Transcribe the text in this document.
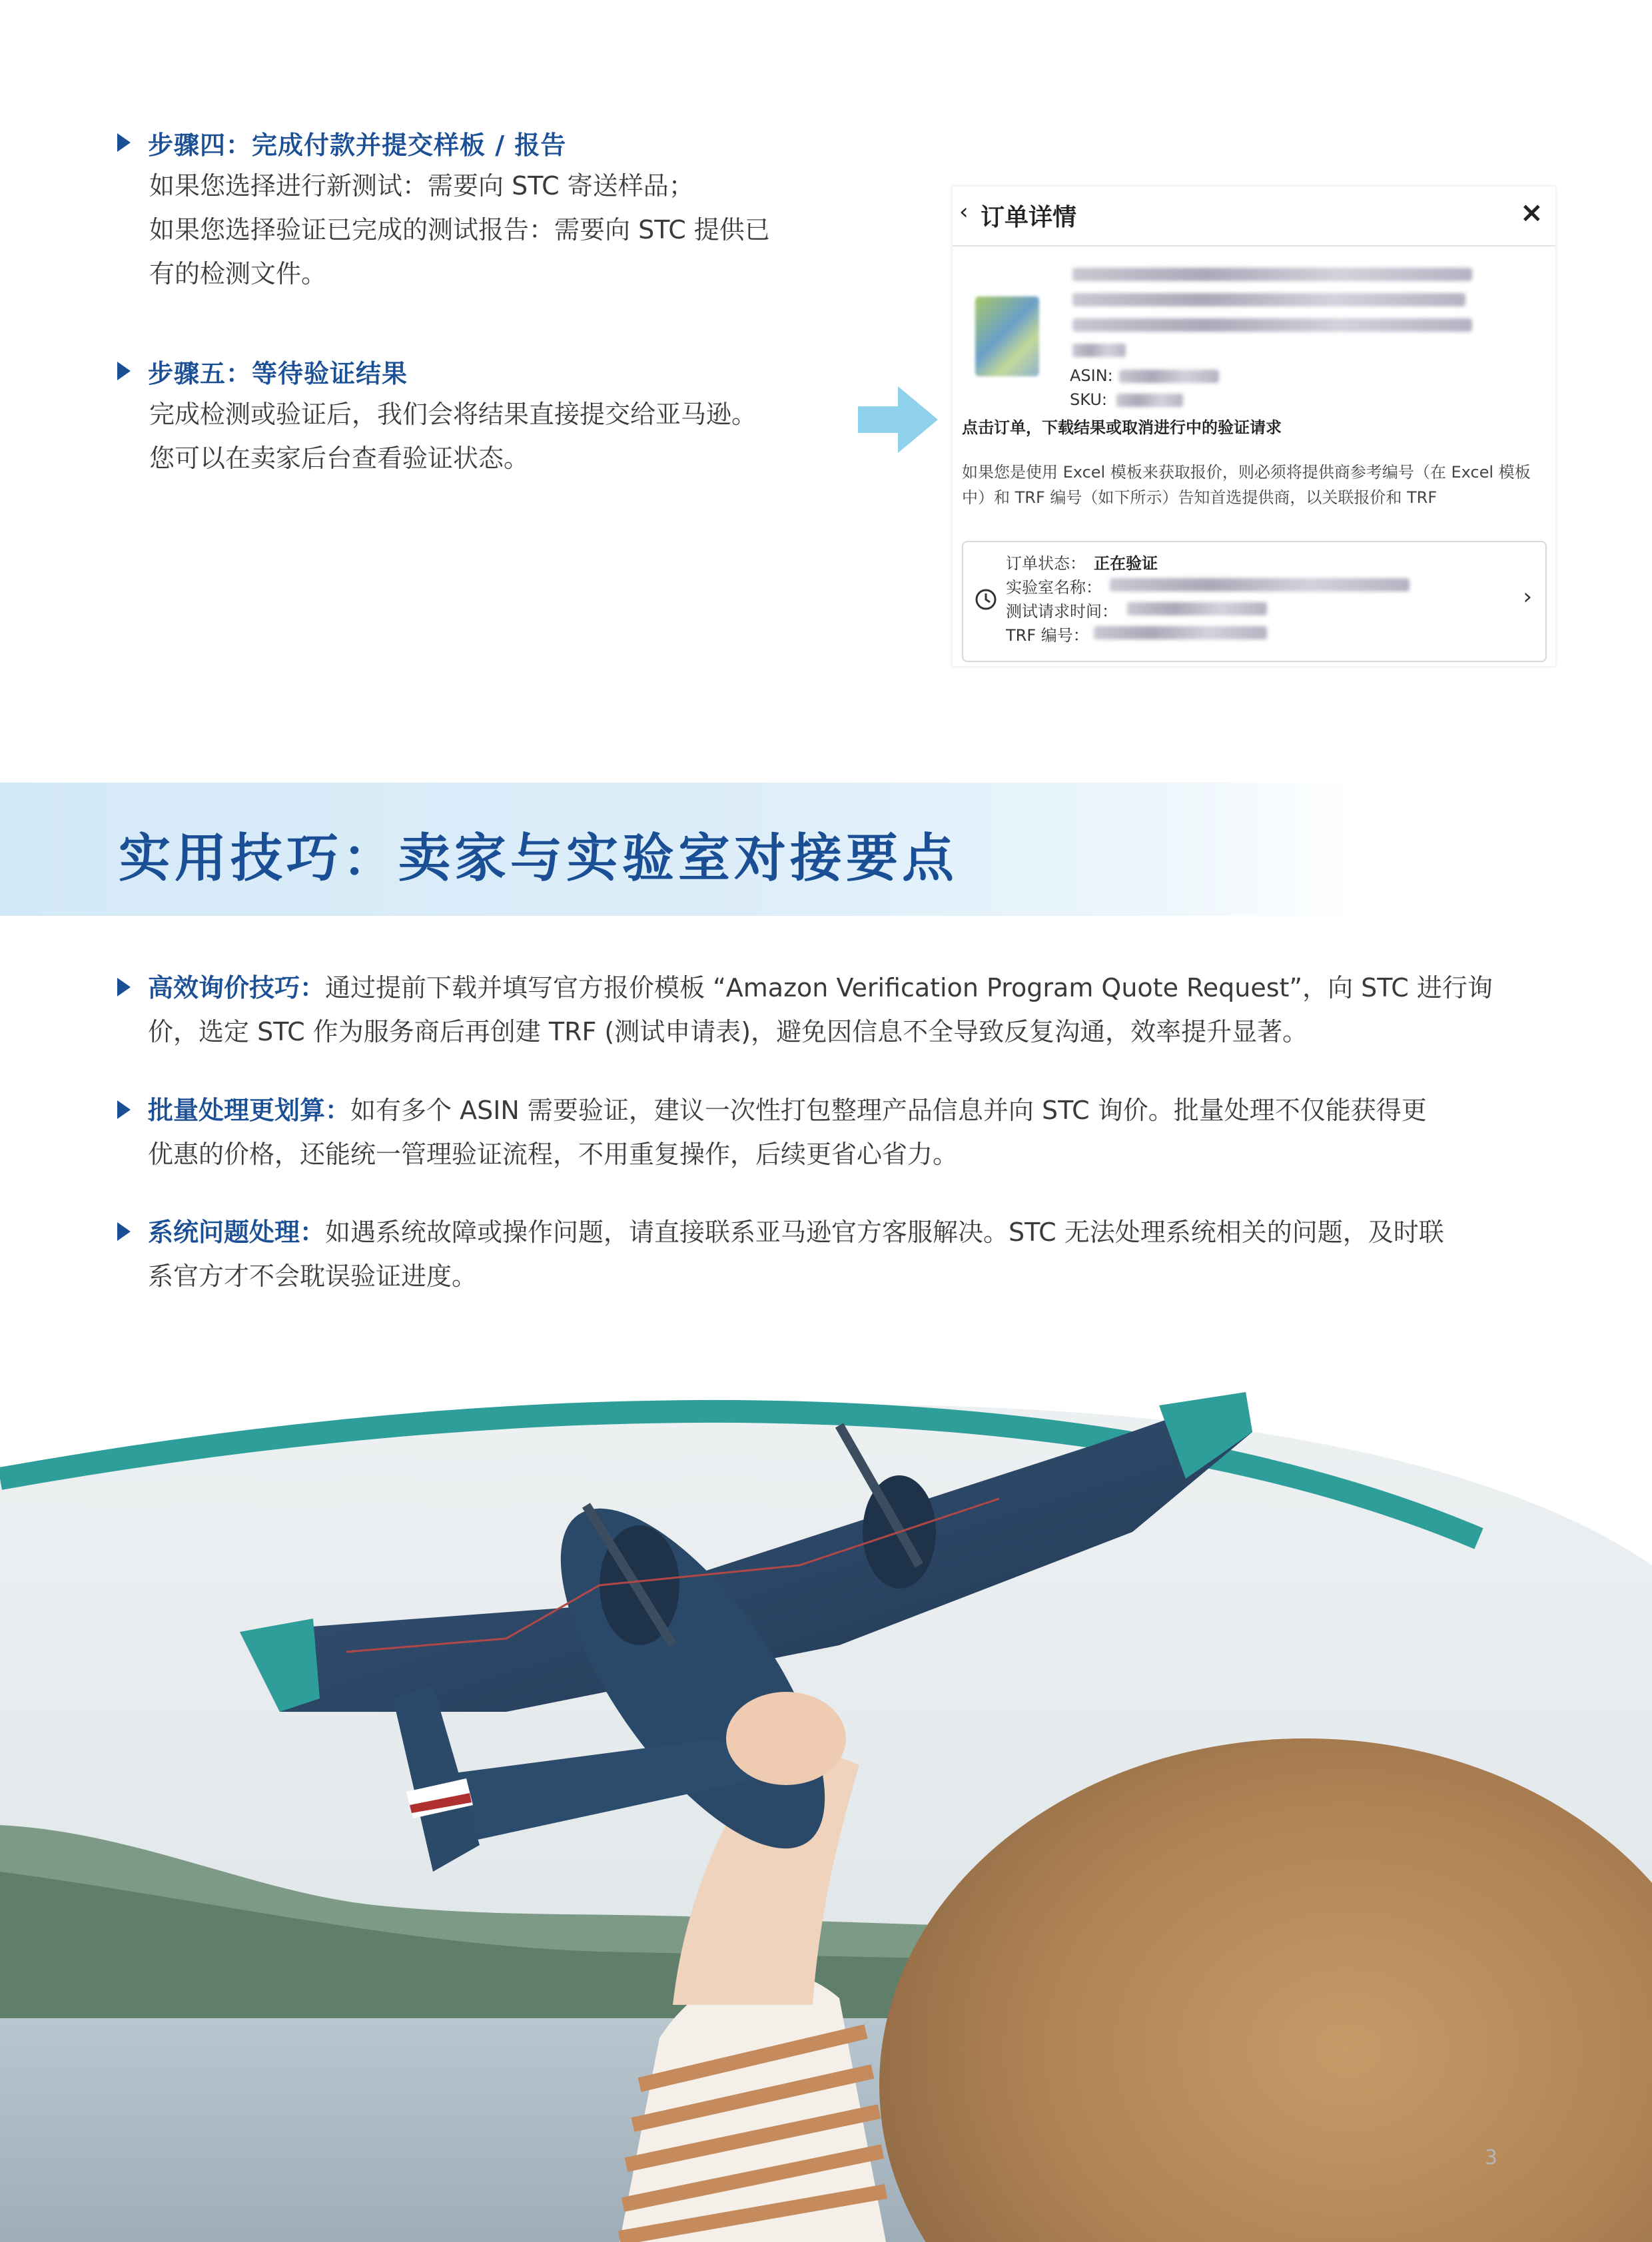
步骤四：完成付款并提交样板 / 报告
如果您选择进行新测试：需要向 STC 寄送样品；
如果您选择验证已完成的测试报告：需要向 STC 提供已
有的检测文件。
步骤五：等待验证结果
完成检测或验证后，我们会将结果直接提交给亚马逊。
您可以在卖家后台查看验证状态。
‹ 订单详情	×
ASIN:
SKU:
点击订单，下载结果或取消进行中的验证请求
如果您是使用 Excel 模板来获取报价，则必须将提供商参考编号（在 Excel 模板中）和 TRF 编号（如下所示）告知首选提供商，以关联报价和 TRF
订单状态： 正在验证
实验室名称：
测试请求时间：
TRF 编号：
›
实用技巧：卖家与实验室对接要点
高效询价技巧：通过提前下载并填写官方报价模板 “Amazon Verification Program Quote Request”，向 STC 进行询
价，选定 STC 作为服务商后再创建 TRF (测试申请表)，避免因信息不全导致反复沟通，效率提升显著。
批量处理更划算：如有多个 ASIN 需要验证，建议一次性打包整理产品信息并向 STC 询价。批量处理不仅能获得更
优惠的价格，还能统一管理验证流程，不用重复操作，后续更省心省力。
系统问题处理：如遇系统故障或操作问题，请直接联系亚马逊官方客服解决。STC 无法处理系统相关的问题，及时联
系官方才不会耽误验证进度。
3
